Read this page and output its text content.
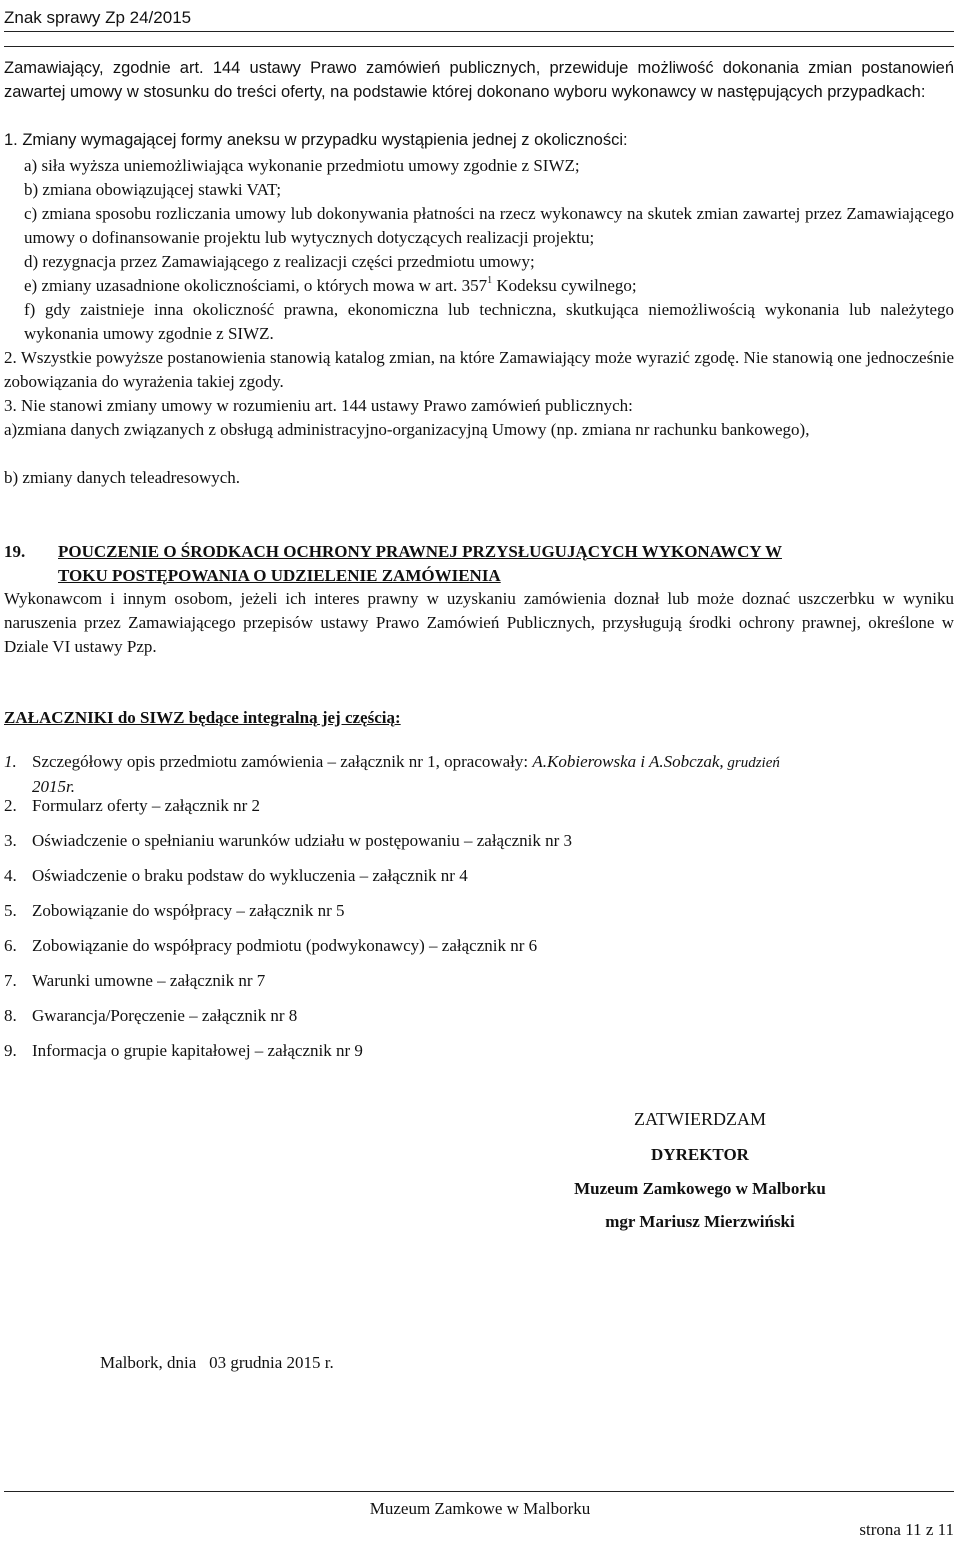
Znak sprawy Zp 24/2015
Zamawiający, zgodnie art. 144 ustawy Prawo zamówień publicznych, przewiduje możliwość dokonania zmian postanowień zawartej umowy w stosunku do treści oferty, na podstawie której dokonano wyboru wykonawcy w następujących przypadkach:
1. Zmiany wymagającej formy aneksu w przypadku wystąpienia jednej z okoliczności:
a) siła wyższa uniemożliwiająca wykonanie przedmiotu umowy zgodnie z SIWZ;
b) zmiana obowiązującej stawki VAT;
c) zmiana sposobu rozliczania umowy lub dokonywania płatności na rzecz wykonawcy na skutek zmian zawartej przez Zamawiającego umowy o dofinansowanie projektu lub wytycznych dotyczących realizacji projektu;
d) rezygnacja przez Zamawiającego z realizacji części przedmiotu umowy;
e) zmiany uzasadnione okolicznościami, o których mowa w art. $357^1$ Kodeksu cywilnego;
f) gdy zaistnieje inna okoliczność prawna, ekonomiczna lub techniczna, skutkująca niemożliwością wykonania lub należytego wykonania umowy zgodnie z SIWZ.
2. Wszystkie powyższe postanowienia stanowią katalog zmian, na które Zamawiający może wyrazić zgodę. Nie stanowią one jednocześnie zobowiązania do wyrażenia takiej zgody.
3. Nie stanowi zmiany umowy w rozumieniu art. 144 ustawy Prawo zamówień publicznych:
a)zmiana danych związanych z obsługą administracyjno-organizacyjną Umowy (np. zmiana nr rachunku bankowego),
b) zmiany danych teleadresowych.
19. POUCZENIE O ŚRODKACH OCHRONY PRAWNEJ PRZYSŁUGUJĄCYCH WYKONAWCY W
TOKU POSTĘPOWANIA O UDZIELENIE ZAMÓWIENIA
Wykonawcom i innym osobom, jeżeli ich interes prawny w uzyskaniu zamówienia doznał lub może doznać uszczerbku w wyniku naruszenia przez Zamawiającego przepisów ustawy Prawo Zamówień Publicznych, przysługują środki ochrony prawnej, określone w Dziale VI ustawy Pzp.
ZAŁACZNIKI do SIWZ będące integralną jej częścią:
1. Szczegółowy opis przedmiotu zamówienia – załącznik nr 1, opracowały: A.Kobierowska i A.Sobczak, grudzień
2015r.
2. Formularz oferty – załącznik nr 2
3. Oświadczenie o spełnianiu warunków udziału w postępowaniu – załącznik nr 3
4. Oświadczenie o braku podstaw do wykluczenia – załącznik nr 4
5. Zobowiązanie do współpracy – załącznik nr 5
6. Zobowiązanie do współpracy podmiotu (podwykonawcy) – załącznik nr 6
7. Warunki umowne – załącznik nr 7
8. Gwarancja/Poręczenie – załącznik nr 8
9. Informacja o grupie kapitałowej – załącznik nr 9
ZATWIERDZAM
DYREKTOR
Muzeum Zamkowego w Malborku
mgr Mariusz Mierzwiński
Malbork, dnia   03 grudnia 2015 r.
Muzeum Zamkowe w Malborku
strona 11 z 11
